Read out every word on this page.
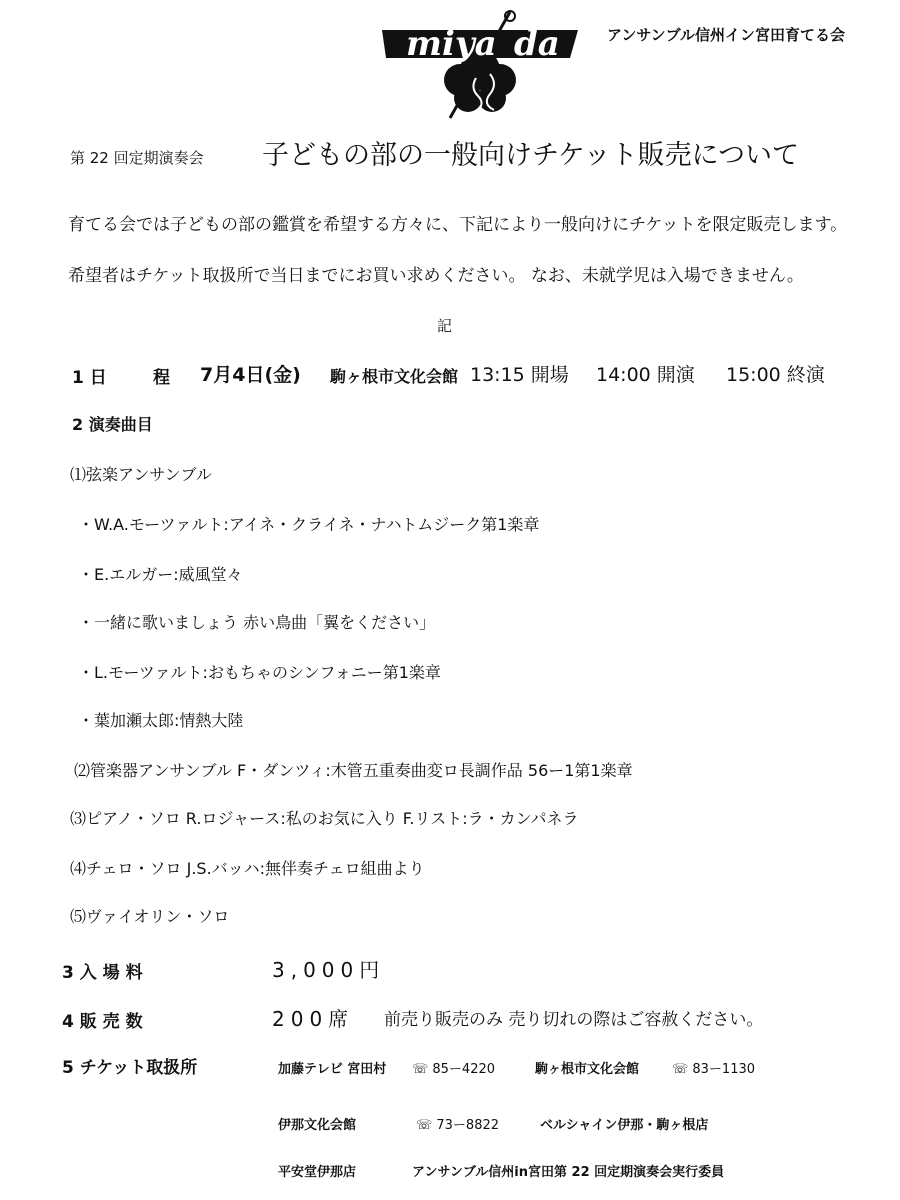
miya da	アンサンブル信州イン宮田育てる会
第 22 回定期演奏会 子どもの部の一般向けチケット販売について
育てる会では子どもの部の鑑賞を希望する方々に、下記により一般向けにチケットを限定販売します。
希望者はチケット取扱所で当日までにお買い求めください。 なお、未就学児は入場できません。
記
1 日	程 7月4日(金) 駒ヶ根市文化会館 13:15 開場 14:00 開演 15:00 終演
2 演奏曲目
⑴弦楽アンサンブル
・W.A.モーツァルト:アイネ・クライネ・ナハトムジーク第1楽章
・E.エルガー:威風堂々
・一緒に歌いましょう 赤い鳥曲「翼をください」
・L.モーツァルト:おもちゃのシンフォニー第1楽章
・葉加瀬太郎:情熱大陸
⑵管楽器アンサンブル F・ダンツィ:木管五重奏曲変ロ長調作品 56ー1第1楽章
⑶ピアノ・ソロ R.ロジャース:私のお気に入り F.リスト:ラ・カンパネラ
⑷チェロ・ソロ J.S.バッハ:無伴奏チェロ組曲より
⑸ヴァイオリン・ソロ
3 入 場 料	3,000円
4 販 売 数	200席 前売り販売のみ 売り切れの際はご容赦ください。
5 チケット取扱所	加藤テレビ 宮田村 ☏ 85ー4220	駒ヶ根市文化会館	☏ 83ー1130
伊那文化会館	☏ 73ー8822	ベルシャイン伊那・駒ヶ根店
平安堂伊那店	アンサンブル信州in宮田第 22 回定期演奏会実行委員
